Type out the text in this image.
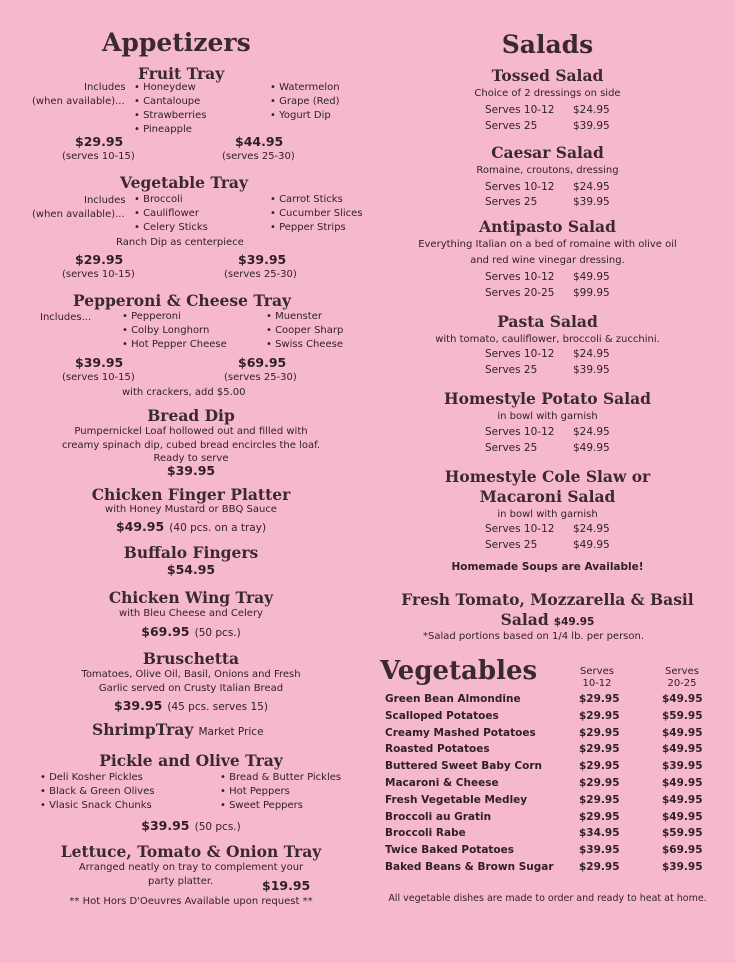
Appetizers
Fruit Tray
Includes
(when available)...
• Honeydew
• Cantaloupe
• Strawberries
• Pineapple
• Watermelon
• Grape (Red)
• Yogurt Dip
$29.95
(serves 10-15)
$44.95
(serves 25-30)
Vegetable Tray
Includes
(when available)...
• Broccoli
• Cauliflower
• Celery Sticks
• Carrot Sticks
• Cucumber Slices
• Pepper Strips
Ranch Dip as centerpiece
$29.95
(serves 10-15)
$39.95
(serves 25-30)
Pepperoni & Cheese Tray
Includes...	• Pepperoni
• Colby Longhorn
• Hot Pepper Cheese
• Muenster
• Cooper Sharp
• Swiss Cheese
$39.95
(serves 10-15)
$69.95
(serves 25-30)
with crackers, add $5.00
Bread Dip
Pumpernickel Loaf hollowed out and filled with
creamy spinach dip, cubed bread encircles the loaf.
Ready to serve
$39.95
Chicken Finger Platter
with Honey Mustard or BBQ Sauce
$49.95 (40 pcs. on a tray)
Buffalo Fingers
$54.95
Chicken Wing Tray
with Bleu Cheese and Celery
$69.95 (50 pcs.)
Bruschetta
Tomatoes, Olive Oil, Basil, Onions and Fresh
Garlic served on Crusty Italian Bread
$39.95 (45 pcs. serves 15)
ShrimpTray Market Price
Pickle and Olive Tray
• Deli Kosher Pickles
• Black & Green Olives
• Vlasic Snack Chunks
• Bread & Butter Pickles
• Hot Peppers
• Sweet Peppers
$39.95 (50 pcs.)
Lettuce, Tomato & Onion Tray
Arranged neatly on tray to complement your
party platter.	$19.95
** Hot Hors D'Oeuvres Available upon request **
Salads
Tossed Salad
Choice of 2 dressings on side
Serves 10-12 $24.95
Serves 25	$39.95
Caesar Salad
Romaine, croutons, dressing
Serves 10-12 $24.95
Serves 25	$39.95
Antipasto Salad
Everything Italian on a bed of romaine with olive oil
and red wine vinegar dressing.
Serves 10-12 $49.95
Serves 20-25 $99.95
Pasta Salad
with tomato, cauliflower, broccoli & zucchini.
Serves 10-12 $24.95
Serves 25	$39.95
Homestyle Potato Salad
in bowl with garnish
Serves 10-12 $24.95
Serves 25	$49.95
Homestyle Cole Slaw or
Macaroni Salad
in bowl with garnish
Serves 10-12 $24.95
Serves 25	$49.95
Homemade Soups are Available!
Fresh Tomato, Mozzarella & Basil
Salad $49.95
*Salad portions based on 1/4 lb. per person.
Vegetables	Serves
10-12
Serves
20-25
Green Bean Almondine	$29.95	$49.95
Scalloped Potatoes	$29.95	$59.95
Creamy Mashed Potatoes	$29.95	$49.95
Roasted Potatoes	$29.95	$49.95
Buttered Sweet Baby Corn	$29.95	$39.95
Macaroni & Cheese	$29.95	$49.95
Fresh Vegetable Medley	$29.95	$49.95
Broccoli au Gratin	$29.95	$49.95
Broccoli Rabe	$34.95	$59.95
Twice Baked Potatoes	$39.95	$69.95
Baked Beans & Brown Sugar $29.95	$39.95
All vegetable dishes are made to order and ready to heat at home.
